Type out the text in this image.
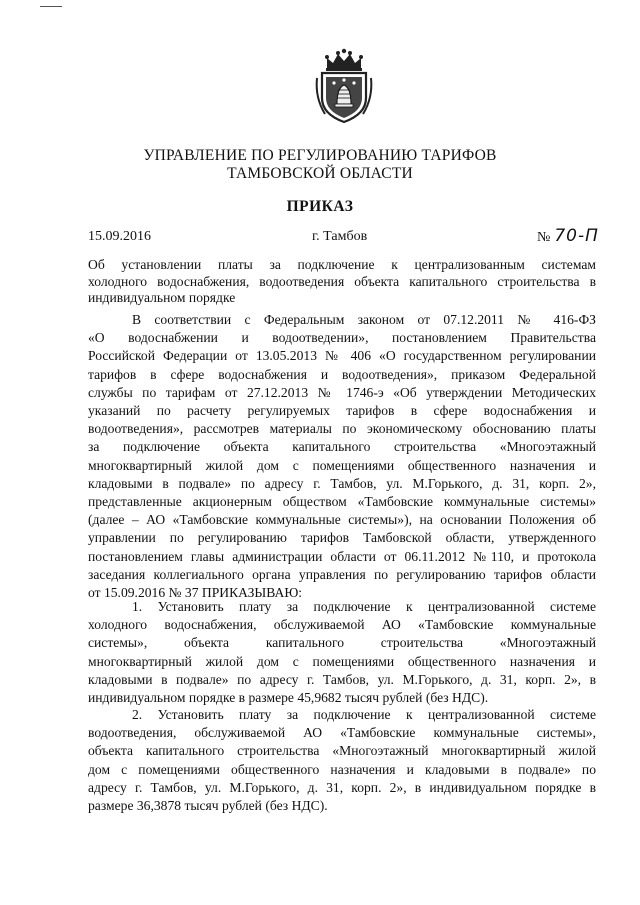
УПРАВЛЕНИЕ ПО РЕГУЛИРОВАНИЮ ТАРИФОВ
ТАМБОВСКОЙ ОБЛАСТИ
ПРИКАЗ
15.09.2016	г. Тамбов	№ 70-П
Об установлении платы за подключение к централизованным системам
холодного водоснабжения, водоотведения объекта капитального строительства в
индивидуальном порядке
В соответствии с Федеральным законом от 07.12.2011 № 416-ФЗ
«О водоснабжении и водоотведении», постановлением Правительства
Российской Федерации от 13.05.2013 № 406 «О государственном регулировании
тарифов в сфере водоснабжения и водоотведения», приказом Федеральной
службы по тарифам от 27.12.2013 № 1746-э «Об утверждении Методических
указаний по расчету регулируемых тарифов в сфере водоснабжения и
водоотведения», рассмотрев материалы по экономическому обоснованию платы
за подключение объекта капитального строительства «Многоэтажный
многоквартирный жилой дом с помещениями общественного назначения и
кладовыми в подвале» по адресу г. Тамбов, ул. М.Горького, д. 31, корп. 2»,
представленные акционерным обществом «Тамбовские коммунальные системы»
(далее – АО «Тамбовские коммунальные системы»), на основании Положения об
управлении по регулированию тарифов Тамбовской области, утвержденного
постановлением главы администрации области от 06.11.2012 №110, и протокола
заседания коллегиального органа управления по регулированию тарифов области
от 15.09.2016 № 37 ПРИКАЗЫВАЮ:
1. Установить плату за подключение к централизованной системе
холодного водоснабжения, обслуживаемой АО «Тамбовские коммунальные
системы», объекта капитального строительства «Многоэтажный
многоквартирный жилой дом с помещениями общественного назначения и
кладовыми в подвале» по адресу г. Тамбов, ул. М.Горького, д. 31, корп. 2», в
индивидуальном порядке в размере 45,9682 тысяч рублей (без НДС).
2. Установить плату за подключение к централизованной системе
водоотведения, обслуживаемой АО «Тамбовские коммунальные системы»,
объекта капитального строительства «Многоэтажный многоквартирный жилой
дом с помещениями общественного назначения и кладовыми в подвале» по
адресу г. Тамбов, ул. М.Горького, д. 31, корп. 2», в индивидуальном порядке в
размере 36,3878 тысяч рублей (без НДС).
